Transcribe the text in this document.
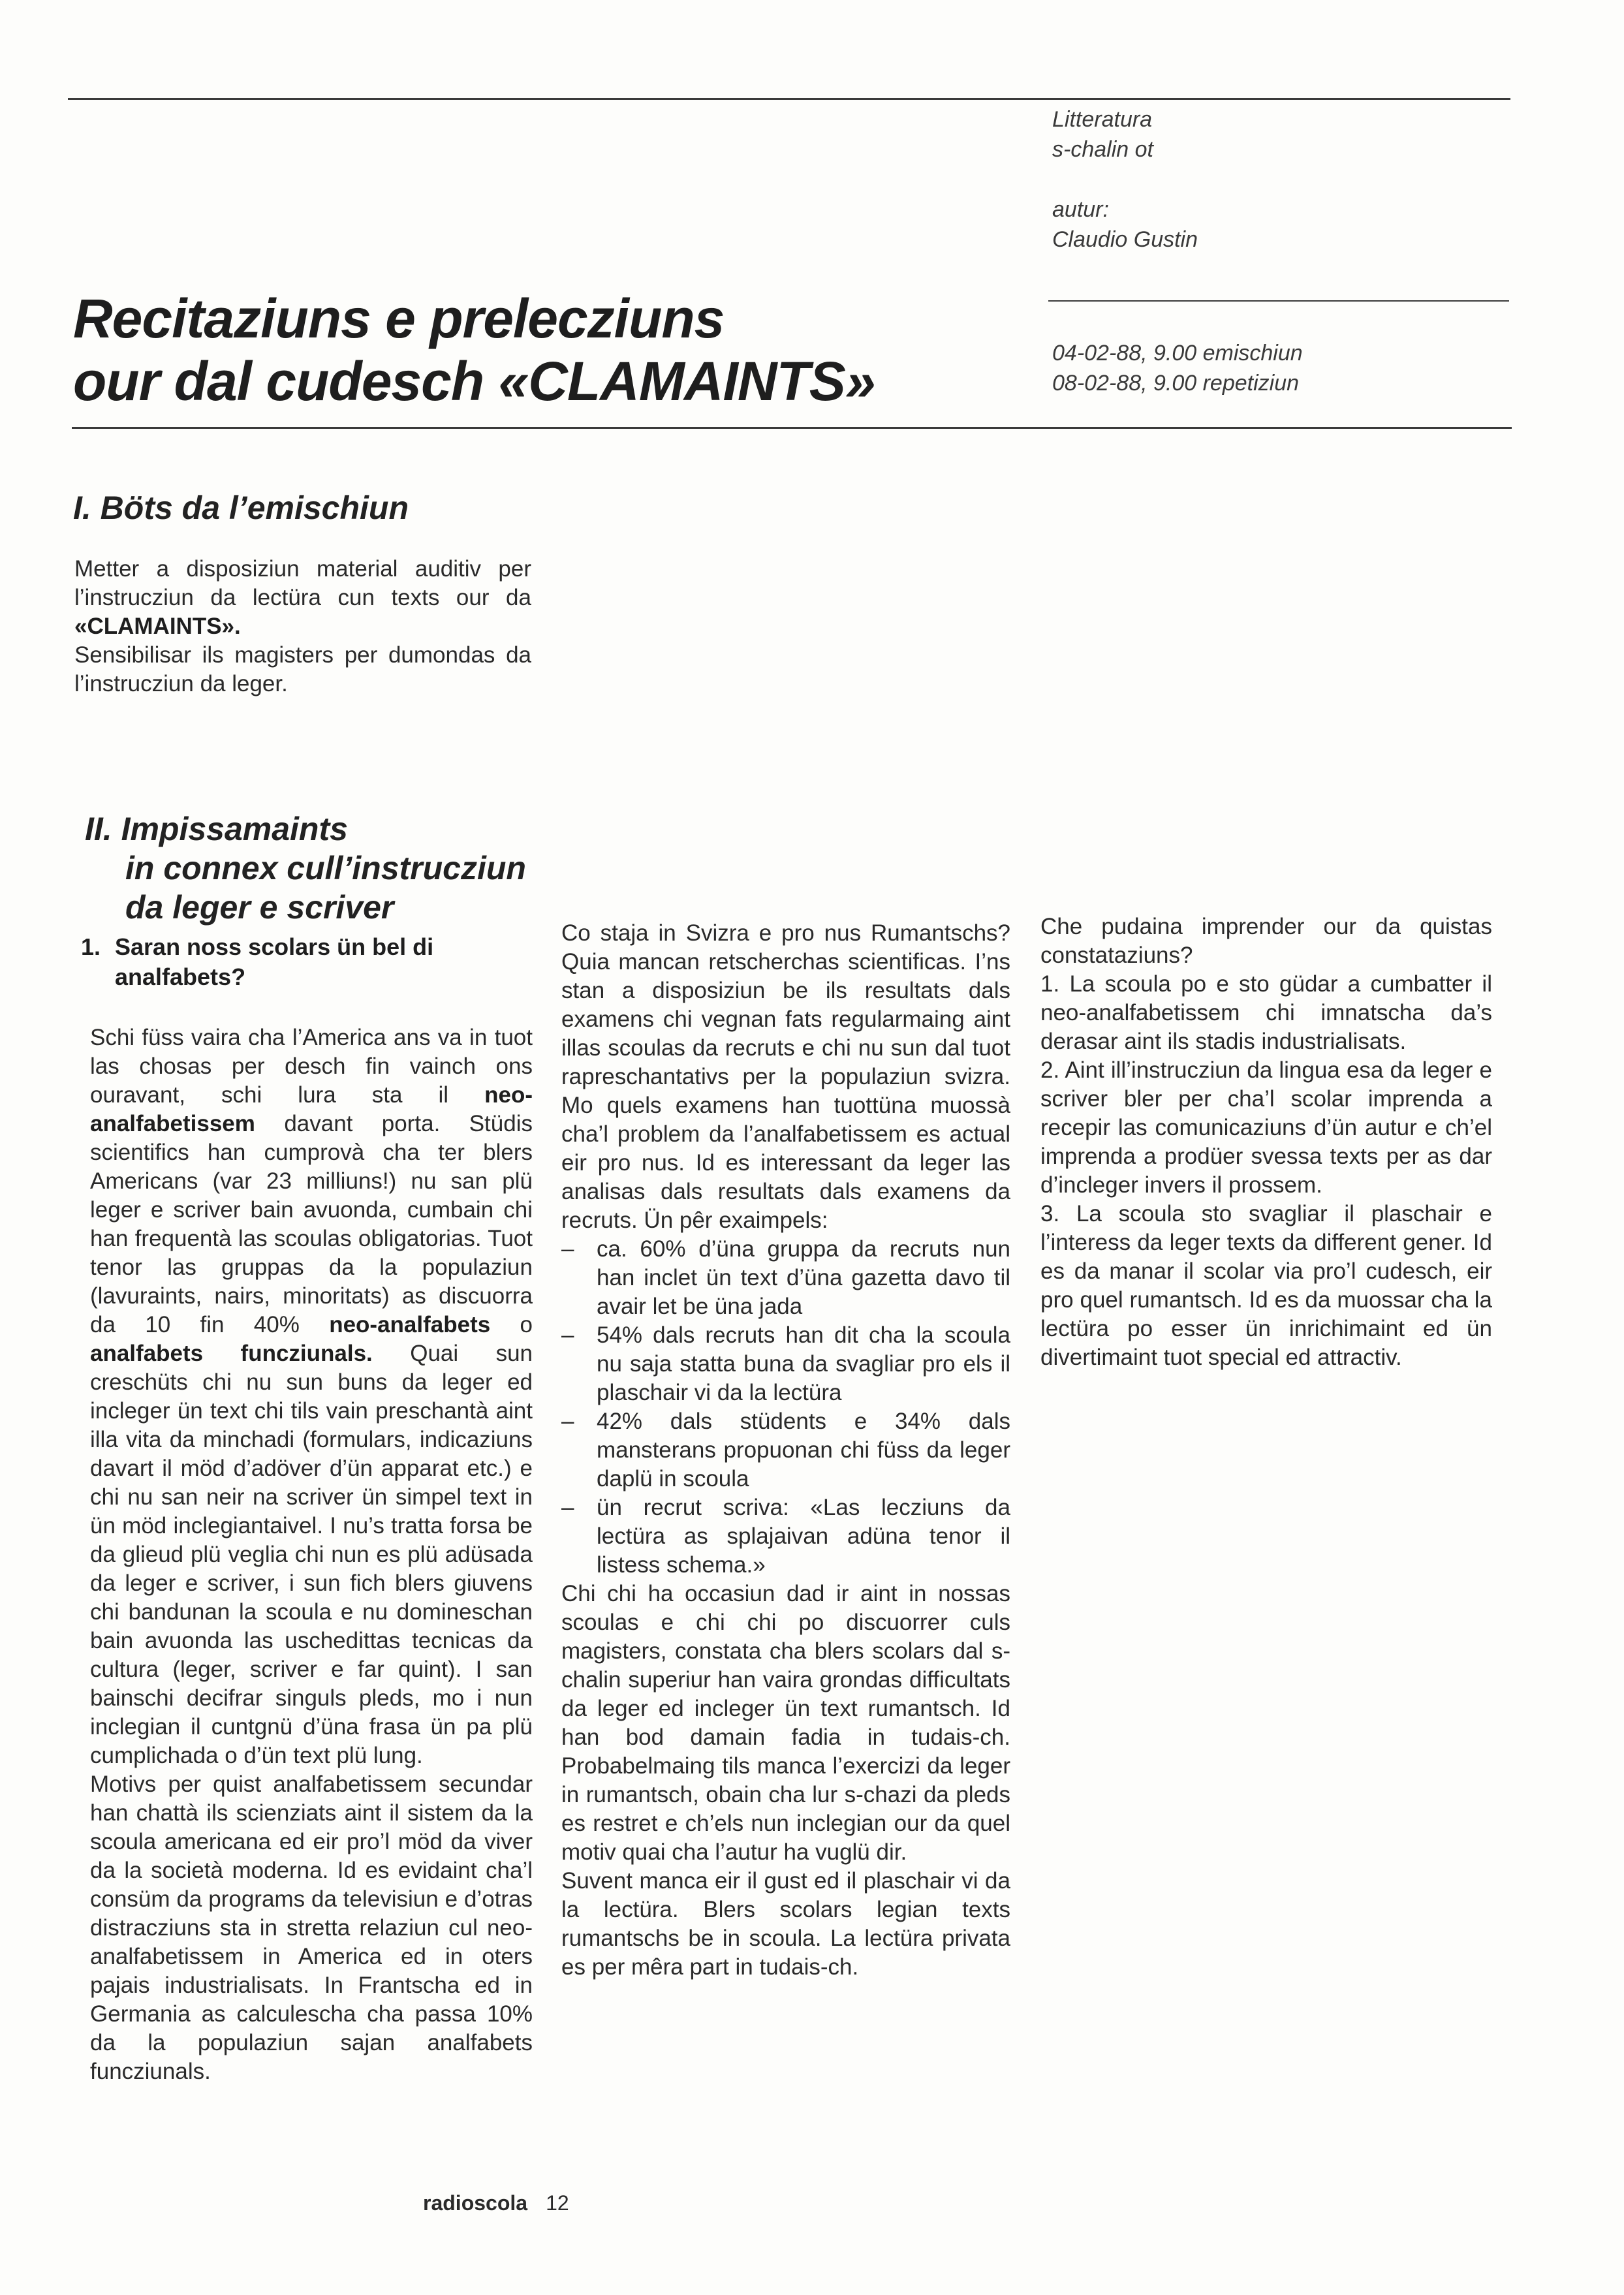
Litteratura
s-chalin ot
autur:
Claudio Gustin
04-02-88, 9.00 emischiun
08-02-88, 9.00 repetiziun
Recitaziuns e prelecziuns
our dal cudesch «CLAMAINTS»
I. Böts da l’emischiun

Metter a disposiziun material auditiv per l’instrucziun da lectüra cun texts our da «CLAMAINTS».

Sensibilisar ils magisters per dumondas da l’instrucziun da leger.

II. Impissamaints
in connex cull’instrucziun
da leger e scriver
1. Saran noss scolars ün bel di analfabets?

Schi füss vaira cha l’America ans va in tuot las chosas per desch fin vainch ons ouravant, schi lura sta il neo-analfabetissem davant porta. Stüdis scientifics han cumprovà cha ter blers Americans (var 23 milliuns!) nu san plü leger e scriver bain avuonda, cumbain chi han frequentà las scoulas obligatorias. Tuot tenor las gruppas da la populaziun (lavuraints, nairs, minoritats) as discuorra da 10 fin 40% neo-analfabets o analfabets funcziunals. Quai sun creschüts chi nu sun buns da leger ed incleger ün text chi tils vain preschantà aint illa vita da minchadi (formulars, indicaziuns davart il möd d’adöver d’ün apparat etc.) e chi nu san neir na scriver ün simpel text in ün möd inclegiantaivel. I nu’s tratta forsa be da glieud plü veglia chi nun es plü adüsada da leger e scriver, i sun fich blers giuvens chi bandunan la scoula e nu domineschan bain avuonda las uschedittas tecnicas da cultura (leger, scriver e far quint). I san bainschi decifrar singuls pleds, mo i nun inclegian il cuntgnü d’üna frasa ün pa plü cumplichada o d’ün text plü lung.

Motivs per quist analfabetissem secundar han chattà ils scienziats aint il sistem da la scoula americana ed eir pro’l möd da viver da la società moderna. Id es evidaint cha’l consüm da programs da televisiun e d’otras distracziuns sta in stretta relaziun cul neo-analfabetissem in America ed in oters pajais industrialisats. In Frantscha ed in Germania as calculescha cha passa 10% da la populaziun sajan analfabets funcziunals.

Co staja in Svizra e pro nus Rumantschs? Quia mancan retscherchas scientificas. I’ns stan a disposiziun be ils resultats dals examens chi vegnan fats regularmaing aint illas scoulas da recruts e chi nu sun dal tuot rapreschantativs per la populaziun svizra. Mo quels examens han tuottüna muossà cha’l problem da l’analfabetissem es actual eir pro nus. Id es interessant da leger las analisas dals resultats dals examens da recruts. Ün pêr exaimpels:

– ca. 60% d’üna gruppa da recruts nun han inclet ün text d’üna gazetta davo til avair let be üna jada
– 54% dals recruts han dit cha la scoula nu saja statta buna da svagliar pro els il plaschair vi da la lectüra
– 42% dals stüdents e 34% dals mansterans propuonan chi füss da leger daplü in scoula
– ün recrut scriva: «Las lecziuns da lectüra as splajaivan adüna tenor il listess schema.»

Chi chi ha occasiun dad ir aint in nossas scoulas e chi chi po discuorrer culs magisters, constata cha blers scolars dal s-chalin superiur han vaira grondas difficultats da leger ed incleger ün text rumantsch. Id han bod damain fadia in tudais-ch. Probabelmaing tils manca l’exercizi da leger in rumantsch, obain cha lur s-chazi da pleds es restret e ch’els nun inclegian our da quel motiv quai cha l’autur ha vuglü dir.

Suvent manca eir il gust ed il plaschair vi da la lectüra. Blers scolars legian texts rumantschs be in scoula. La lectüra privata es per mêra part in tudais-ch.

Che pudaina imprender our da quistas constataziuns?

1. La scoula po e sto güdar a cumbatter il neo-analfabetissem chi imnatscha da’s derasar aint ils stadis industrialisats.

2. Aint ill’instrucziun da lingua esa da leger e scriver bler per cha’l scolar imprenda a recepir las comunicaziuns d’ün autur e ch’el imprenda a prodüer svessa texts per as dar d’incleger invers il prossem.

3. La scoula sto svagliar il plaschair e l’interess da leger texts da different gener. Id es da manar il scolar via pro’l cudesch, eir pro quel rumantsch. Id es da muossar cha la lectüra po esser ün inrichimaint ed ün divertimaint tuot special ed attractiv.

radioscola 12
